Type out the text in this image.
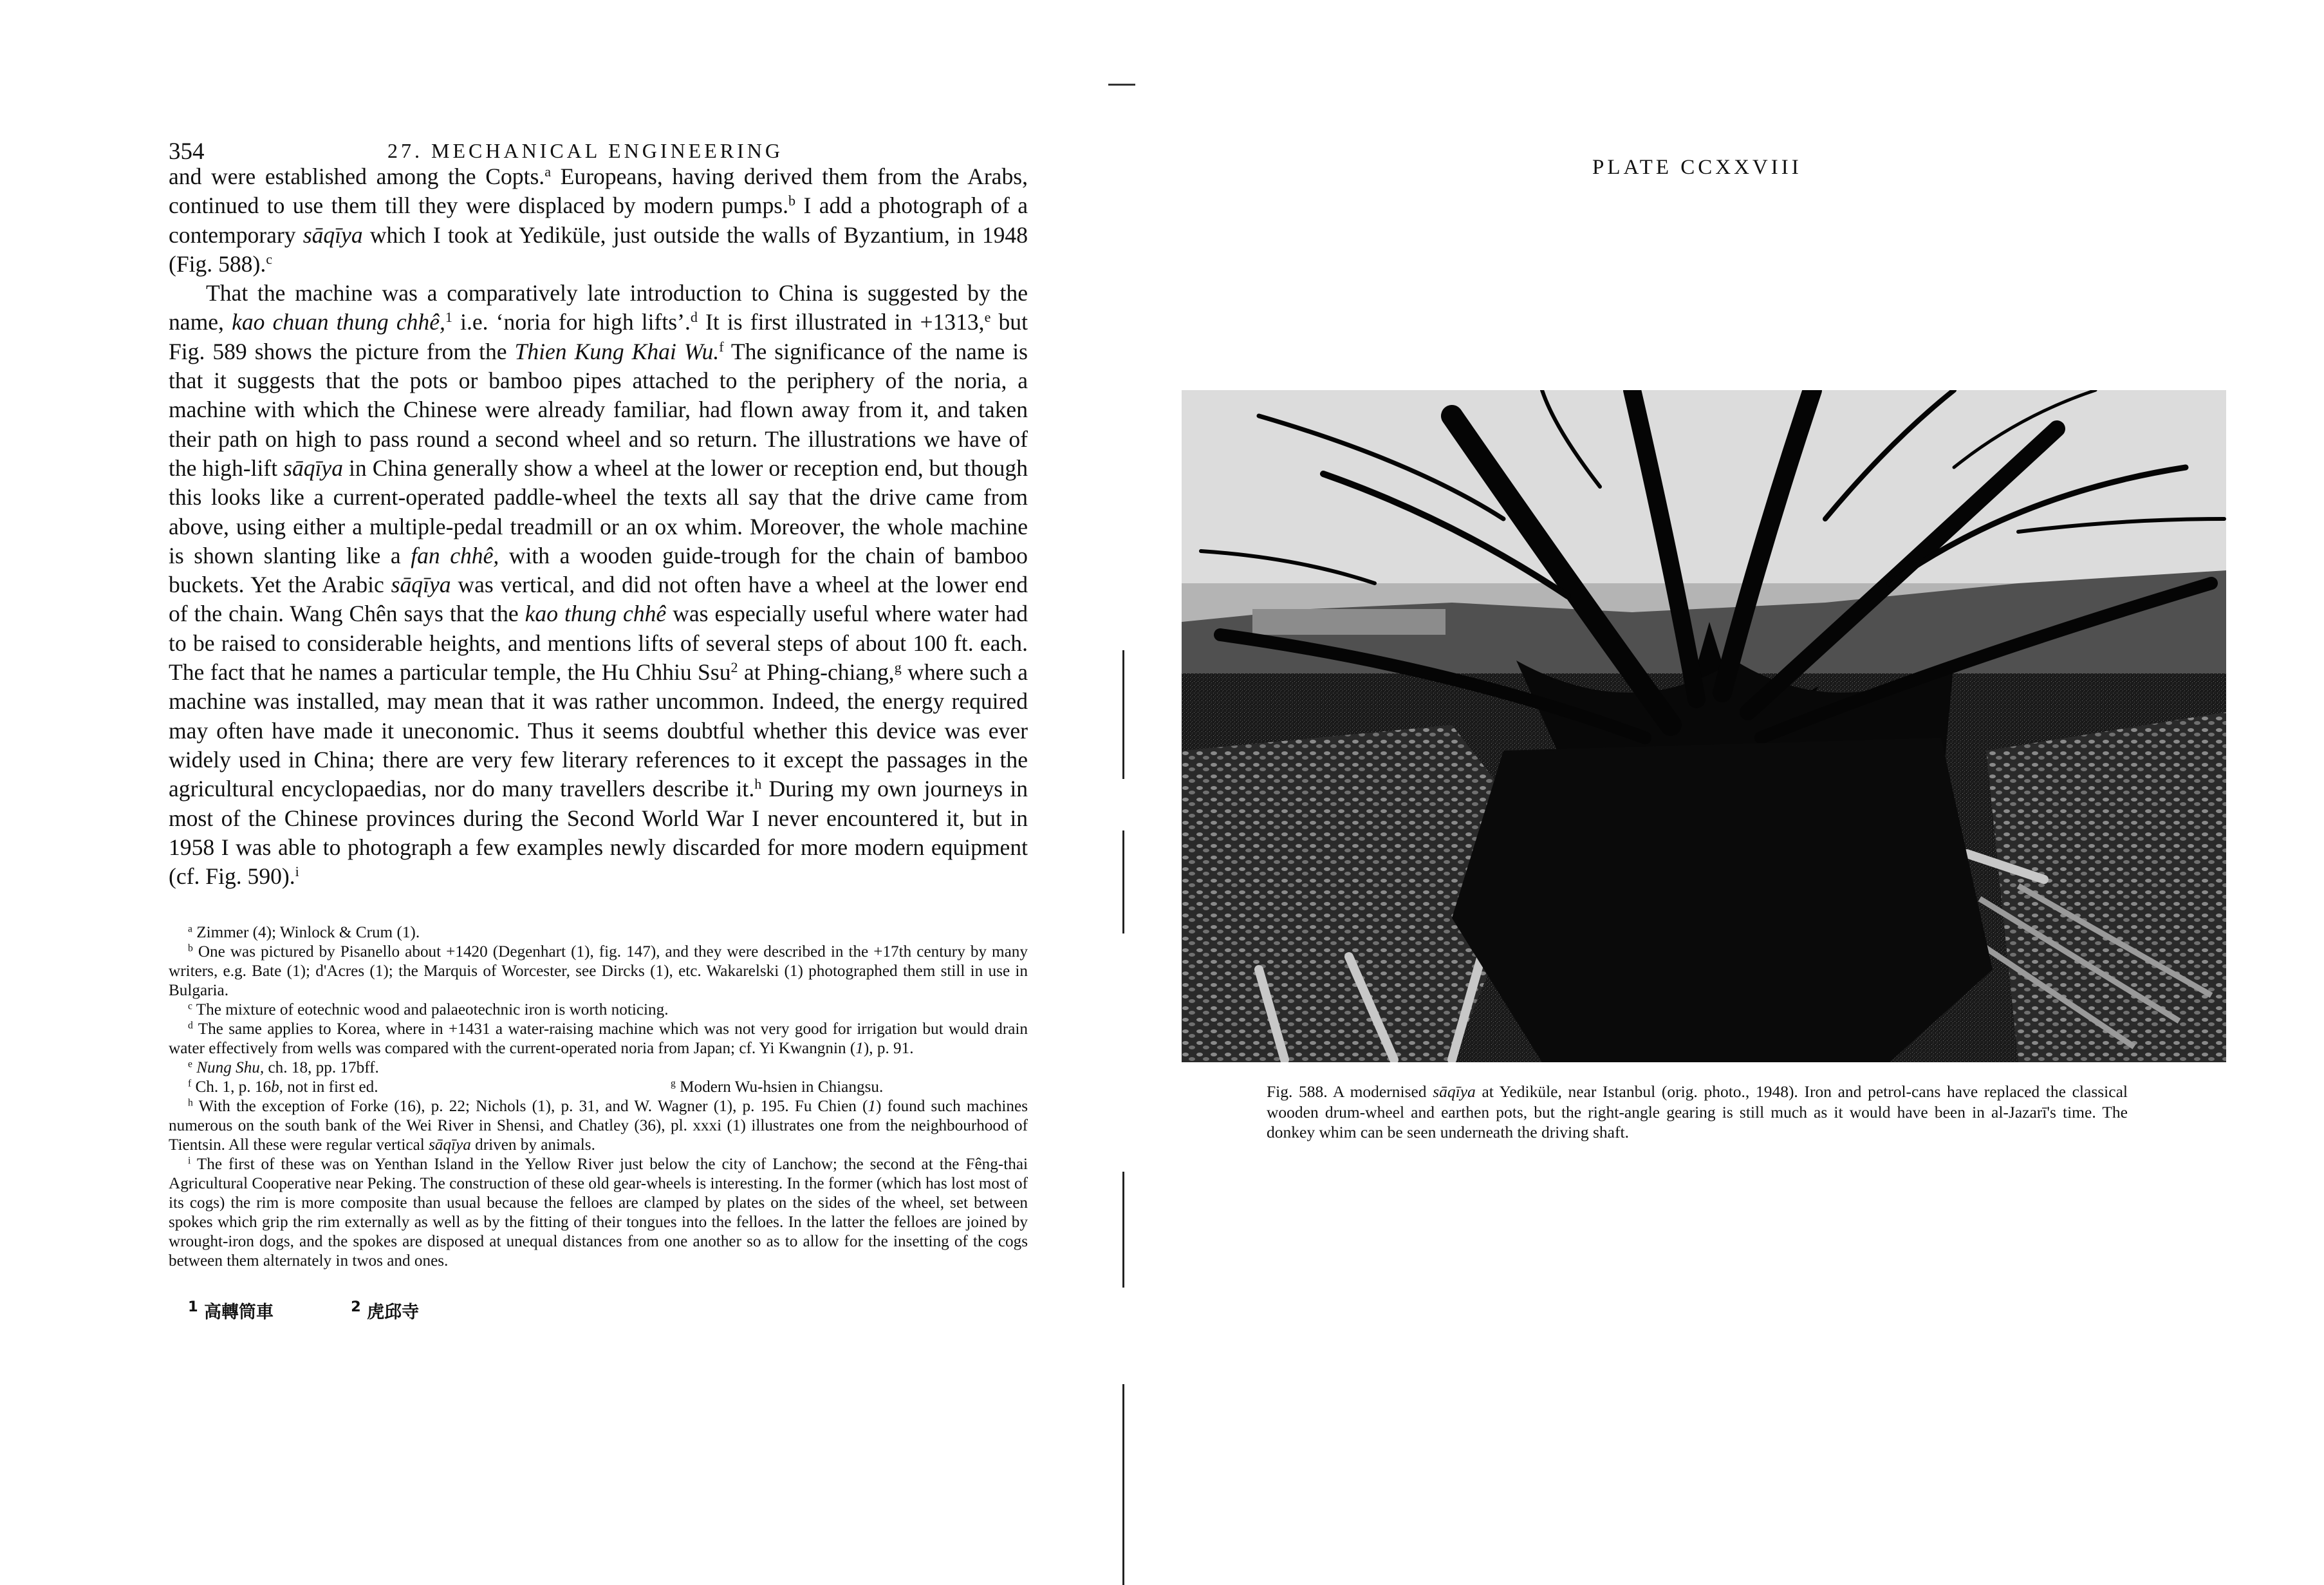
354	27. MECHANICAL ENGINEERING

and were established among the Copts.$^a$ Europeans, having derived them from the Arabs, continued to use them till they were displaced by modern pumps.$^b$ I add a photograph of a contemporary sāqīya which I took at Yediküle, just outside the walls of Byzantium, in 1948 (Fig. 588).$^c$

That the machine was a comparatively late introduction to China is suggested by the name, kao chuan thung chhê,$^1$ i.e. ‘noria for high lifts’.$^d$ It is first illustrated in +1313,$^e$ but Fig. 589 shows the picture from the Thien Kung Khai Wu.$^f$ The significance of the name is that it suggests that the pots or bamboo pipes attached to the periphery of the noria, a machine with which the Chinese were already familiar, had flown away from it, and taken their path on high to pass round a second wheel and so return. The illustrations we have of the high-lift sāqīya in China generally show a wheel at the lower or reception end, but though this looks like a current-operated paddle-wheel the texts all say that the drive came from above, using either a multiple-pedal treadmill or an ox whim. Moreover, the whole machine is shown slanting like a fan chhê, with a wooden guide-trough for the chain of bamboo buckets. Yet the Arabic sāqīya was vertical, and did not often have a wheel at the lower end of the chain. Wang Chên says that the kao thung chhê was especially useful where water had to be raised to considerable heights, and mentions lifts of several steps of about 100 ft. each. The fact that he names a particular temple, the Hu Chhiu Ssu$^2$ at Phing-chiang,$^g$ where such a machine was installed, may mean that it was rather uncommon. Indeed, the energy required may often have made it uneconomic. Thus it seems doubtful whether this device was ever widely used in China; there are very few literary references to it except the passages in the agricultural encyclopaedias, nor do many travellers describe it.$^h$ During my own journeys in most of the Chinese provinces during the Second World War I never encountered it, but in 1958 I was able to photograph a few examples newly discarded for more modern equipment (cf. Fig. 590).$^i$

$^a$ Zimmer (4); Winlock & Crum (1).

$^b$ One was pictured by Pisanello about +1420 (Degenhart (1), fig. 147), and they were described in the +17th century by many writers, e.g. Bate (1); d'Acres (1); the Marquis of Worcester, see Dircks (1), etc. Wakarelski (1) photographed them still in use in Bulgaria.

$^c$ The mixture of eotechnic wood and palaeotechnic iron is worth noticing.

$^d$ The same applies to Korea, where in +1431 a water-raising machine which was not very good for irrigation but would drain water effectively from wells was compared with the current-operated noria from Japan; cf. Yi Kwangnin (1), p. 91.

$^e$ Nung Shu, ch. 18, pp. 17bff.

$^f$ Ch. 1, p. 16b, not in first ed.	$^g$ Modern Wu-hsien in Chiangsu.

$^h$ With the exception of Forke (16), p. 22; Nichols (1), p. 31, and W. Wagner (1), p. 195. Fu Chien (1) found such machines numerous on the south bank of the Wei River in Shensi, and Chatley (36), pl. xxxi (1) illustrates one from the neighbourhood of Tientsin. All these were regular vertical sāqīya driven by animals.

$^i$ The first of these was on Yenthan Island in the Yellow River just below the city of Lanchow; the second at the Fêng-thai Agricultural Cooperative near Peking. The construction of these old gear-wheels is interesting. In the former (which has lost most of its cogs) the rim is more composite than usual because the felloes are clamped by plates on the sides of the wheel, set between spokes which grip the rim externally as well as by the fitting of their tongues into the felloes. In the latter the felloes are joined by wrought-iron dogs, and the spokes are disposed at unequal distances from one another so as to allow for the insetting of the cogs between them alternately in twos and ones.

$^1$ 高轉筒車	$^2$ 虎邱寺
PLATE CCXXVIII

Fig. 588. A modernised sāqīya at Yediküle, near Istanbul (orig. photo., 1948). Iron and petrol-cans have replaced the classical wooden drum-wheel and earthen pots, but the right-angle gearing is still much as it would have been in al-Jazarī's time. The donkey whim can be seen underneath the driving shaft.
